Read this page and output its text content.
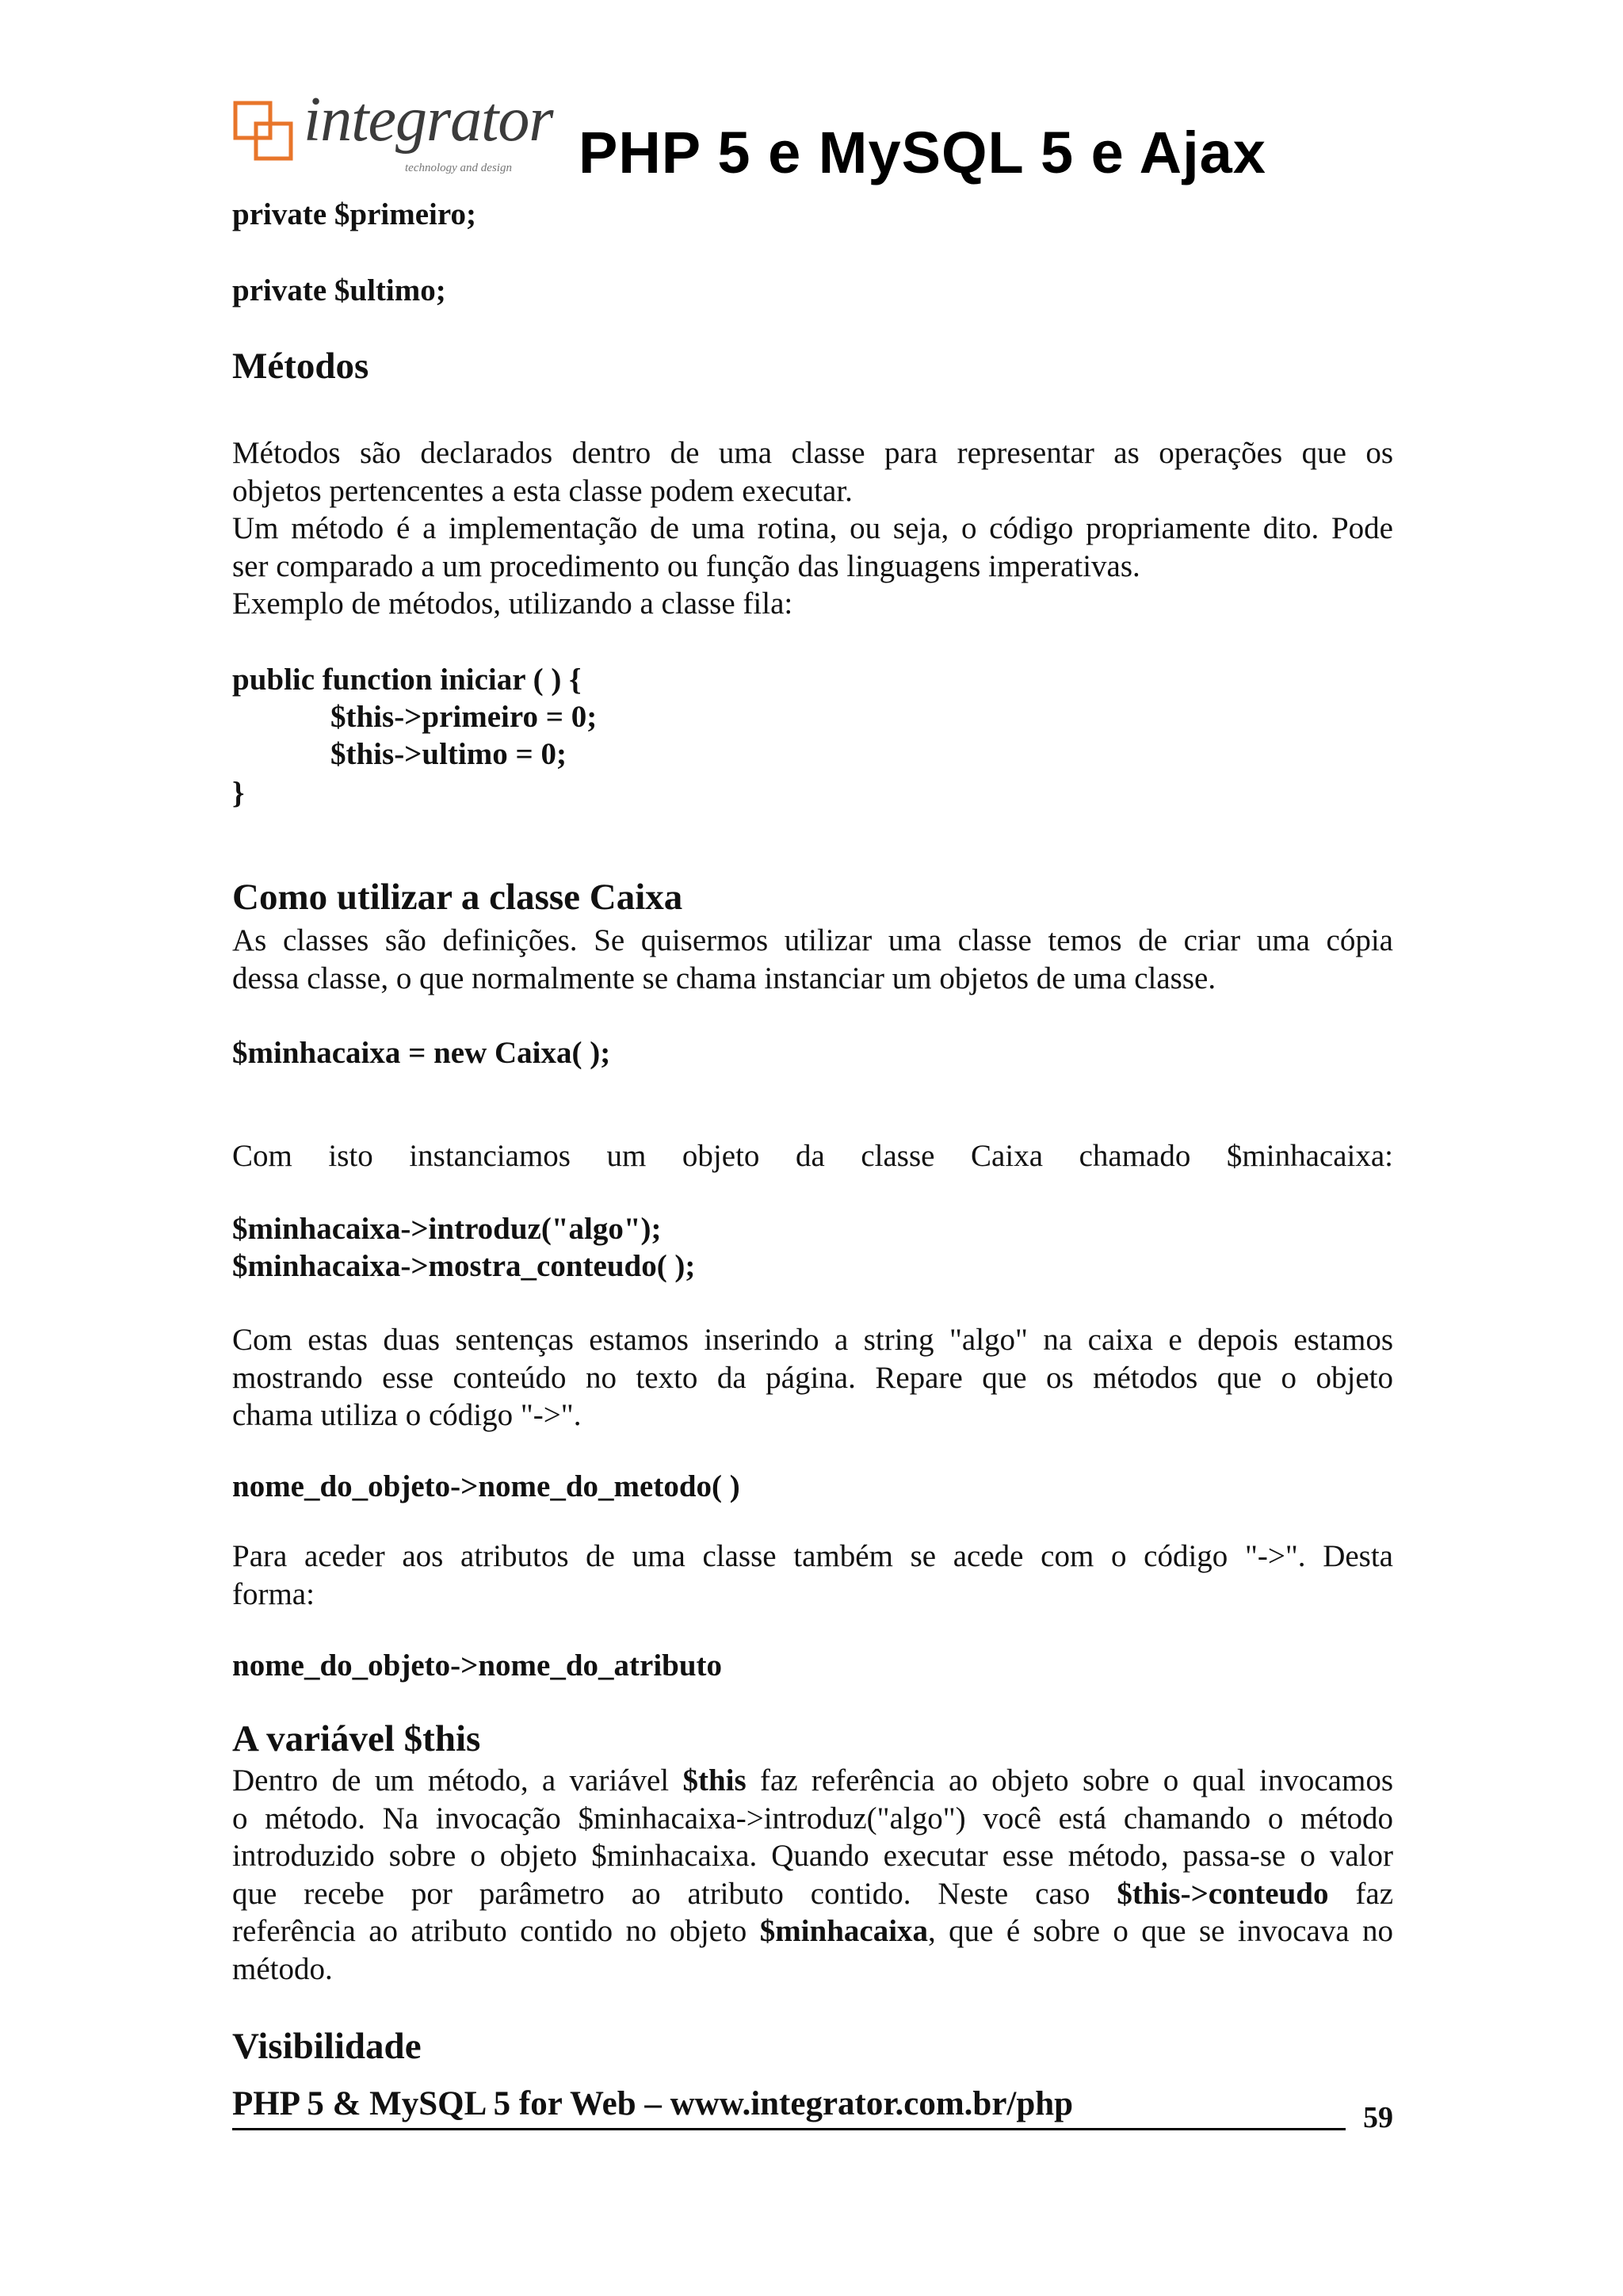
integrator
technology and design PHP 5 e MySQL 5 e Ajax
private $primeiro;
private $ultimo;
Métodos
Métodos são declarados dentro de uma classe para representar as operações que os
objetos pertencentes a esta classe podem executar.
Um método é a implementação de uma rotina, ou seja, o código propriamente dito. Pode
ser comparado a um procedimento ou função das linguagens imperativas.
Exemplo de métodos, utilizando a classe fila:
public function iniciar ( ) {
$this->primeiro = 0;
$this->ultimo = 0;
}
Como utilizar a classe Caixa
As classes são definições. Se quisermos utilizar uma classe temos de criar uma cópia
dessa classe, o que normalmente se chama instanciar um objetos de uma classe.
$minhacaixa = new Caixa( );
Com isto instanciamos um objeto da classe Caixa chamado $minhacaixa:
$minhacaixa->introduz("algo");
$minhacaixa->mostra_conteudo( );
Com estas duas sentenças estamos inserindo a string "algo" na caixa e depois estamos
mostrando esse conteúdo no texto da página. Repare que os métodos que o objeto
chama utiliza o código "->".
nome_do_objeto->nome_do_metodo( )
Para aceder aos atributos de uma classe também se acede com o código "->". Desta
forma:
nome_do_objeto->nome_do_atributo
A variável $this
Dentro de um método, a variável $this faz referência ao objeto sobre o qual invocamos
o método. Na invocação $minhacaixa->introduz("algo") você está chamando o método
introduzido sobre o objeto $minhacaixa. Quando executar esse método, passa-se o valor
que recebe por parâmetro ao atributo contido. Neste caso $this->conteudo faz
referência ao atributo contido no objeto $minhacaixa, que é sobre o que se invocava no
método.
Visibilidade
PHP 5 & MySQL 5 for Web – www.integrator.com.br/php	59
